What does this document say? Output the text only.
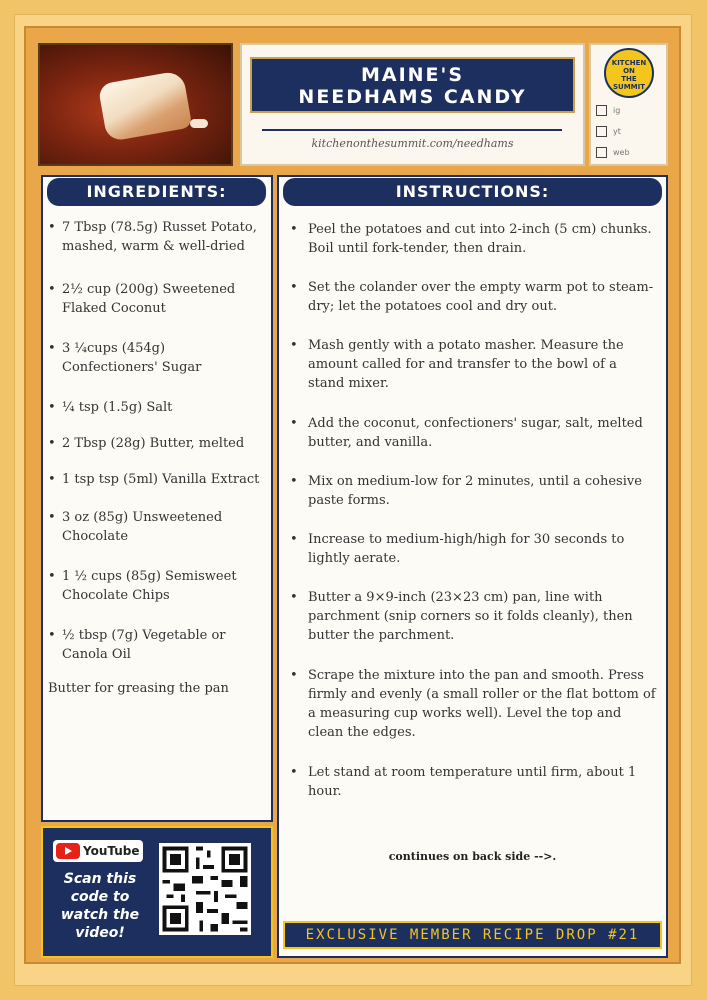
MAINE'S
NEEDHAMS CANDY
kitchenonthesummit.com/needhams
KITCHEN
ON
THE
SUMMIT
ig
yt
web
INGREDIENTS:
• 7 Tbsp (78.5g) Russet Potato, mashed, warm & well-dried
• 2½ cup (200g) Sweetened Flaked Coconut
• 3 ¼cups (454g) Confectioners' Sugar
• ¼ tsp (1.5g) Salt
• 2 Tbsp (28g) Butter, melted
• 1 tsp tsp (5ml) Vanilla Extract
• 3 oz (85g) Unsweetened Chocolate
• 1 ½ cups (85g) Semisweet Chocolate Chips
• ½ tbsp (7g) Vegetable or Canola Oil
Butter for greasing the pan
YouTube
Scan this code to watch the video!
INSTRUCTIONS:
• Peel the potatoes and cut into 2-inch (5 cm) chunks. Boil until fork-tender, then drain.
• Set the colander over the empty warm pot to steam-dry; let the potatoes cool and dry out.
• Mash gently with a potato masher. Measure the amount called for and transfer to the bowl of a stand mixer.
• Add the coconut, confectioners' sugar, salt, melted butter, and vanilla.
• Mix on medium-low for 2 minutes, until a cohesive paste forms.
• Increase to medium-high/high for 30 seconds to lightly aerate.
• Butter a 9×9-inch (23×23 cm) pan, line with parchment (snip corners so it folds cleanly), then butter the parchment.
• Scrape the mixture into the pan and smooth. Press firmly and evenly (a small roller or the flat bottom of a measuring cup works well). Level the top and clean the edges.
• Let stand at room temperature until firm, about 1 hour.
continues on back side -->.
EXCLUSIVE MEMBER RECIPE DROP #21
